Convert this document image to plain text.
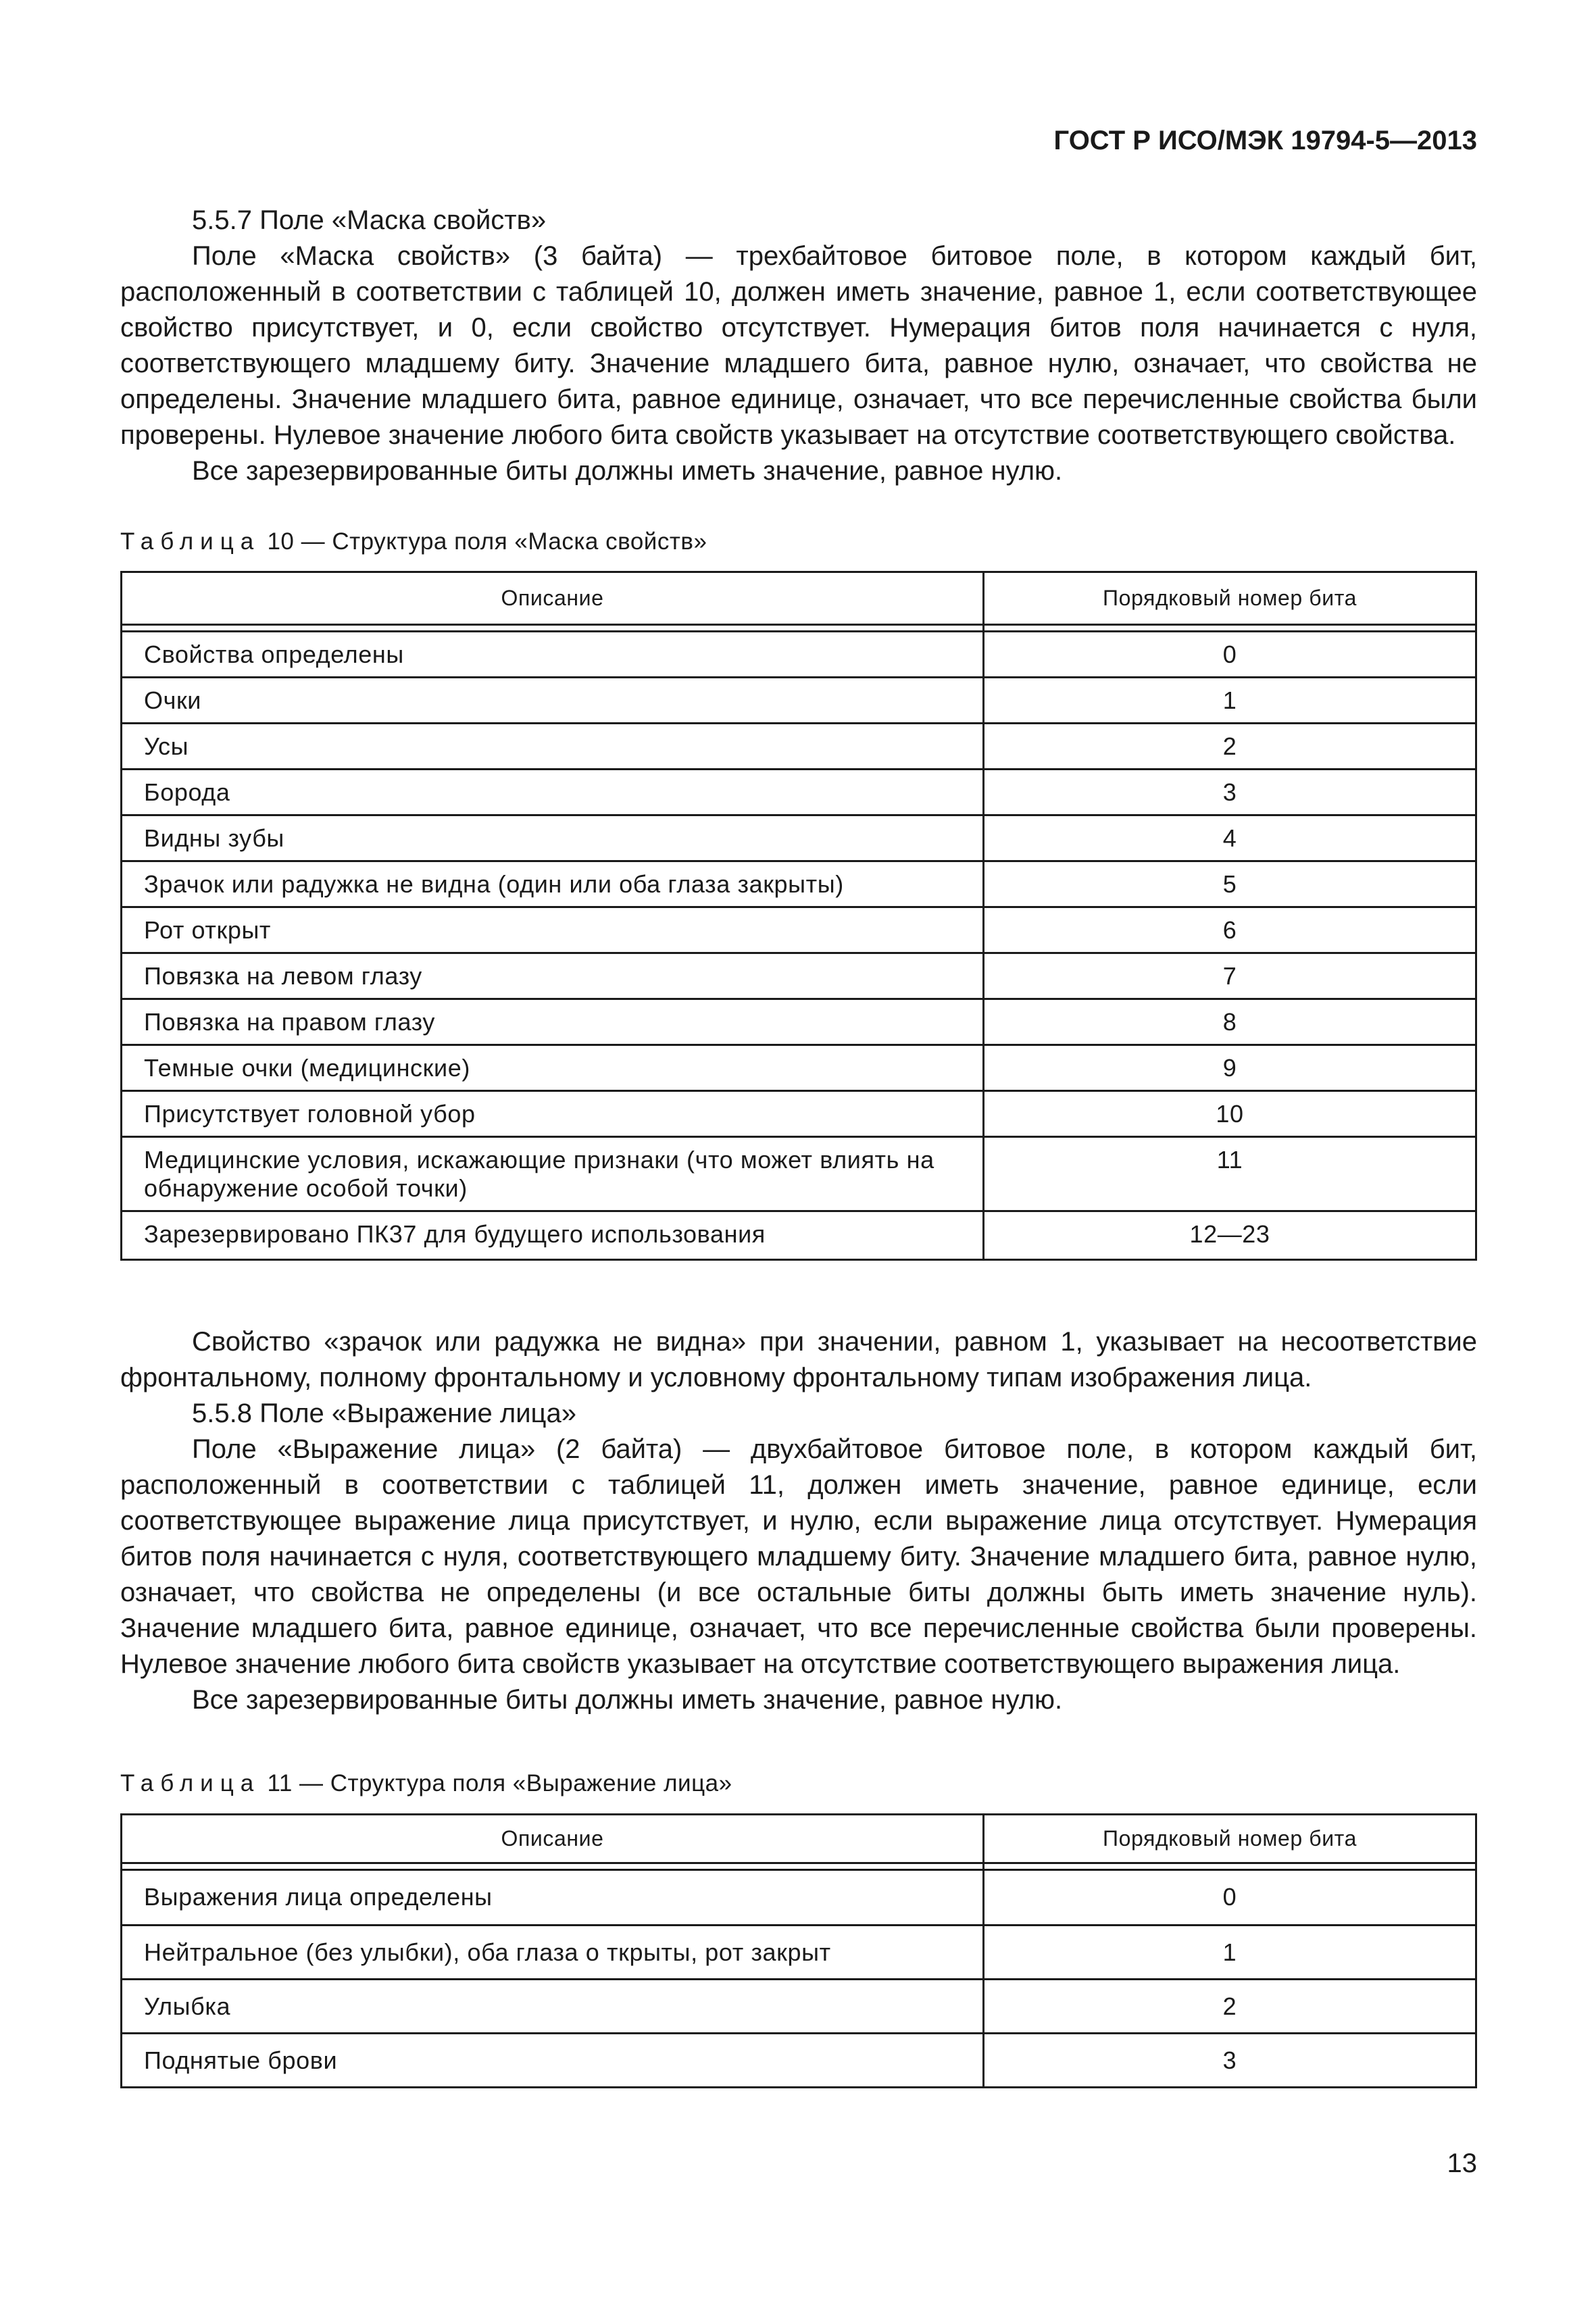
ГОСТ Р ИСО/МЭК 19794-5—2013

5.5.7 Поле «Маска свойств»

Поле «Маска свойств» (3 байта) — трехбайтовое битовое поле, в котором каждый бит, расположенный в соответствии с таблицей 10, должен иметь значение, равное 1, если соответствующее свойство присутствует, и 0, если свойство отсутствует. Нумерация битов поля начинается с нуля, соответствующего младшему биту. Значение младшего бита, равное нулю, означает, что свойства не определены. Значение младшего бита, равное единице, означает, что все перечисленные свойства были проверены. Нулевое значение любого бита свойств указывает на отсутствие соответствующего свойства.

Все зарезервированные биты должны иметь значение, равное нулю.

Таблица 10 — Структура поля «Маска свойств»
Описание	Порядковый номер бита

Свойства определены	0
Очки	1
Усы	2
Борода	3
Видны зубы	4
Зрачок или радужка не видна (один или оба глаза закрыты)	5
Рот открыт	6
Повязка на левом глазу	7
Повязка на правом глазу	8
Темные очки (медицинские)	9
Присутствует головной убор	10
Медицинские условия, искажающие признаки (что может влиять на обнаружение особой точки)	11
Зарезервировано ПК37 для будущего использования	12—23

Свойство «зрачок или радужка не видна» при значении, равном 1, указывает на несоответствие фронтальному, полному фронтальному и условному фронтальному типам изображения лица.

5.5.8 Поле «Выражение лица»

Поле «Выражение лица» (2 байта) — двухбайтовое битовое поле, в котором каждый бит, расположенный в соответствии с таблицей 11, должен иметь значение, равное единице, если соответствующее выражение лица присутствует, и нулю, если выражение лица отсутствует. Нумерация битов поля начинается с нуля, соответствующего младшему биту. Значение младшего бита, равное нулю, означает, что свойства не определены (и все остальные биты должны быть иметь значение нуль). Значение младшего бита, равное единице, означает, что все перечисленные свойства были проверены. Нулевое значение любого бита свойств указывает на отсутствие соответствующего выражения лица.

Все зарезервированные биты должны иметь значение, равное нулю.

Таблица 11 — Структура поля «Выражение лица»
Описание	Порядковый номер бита

Выражения лица определены	0
Нейтральное (без улыбки), оба глаза о ткрыты, рот закрыт	1
Улыбка	2
Поднятые брови	3
13
